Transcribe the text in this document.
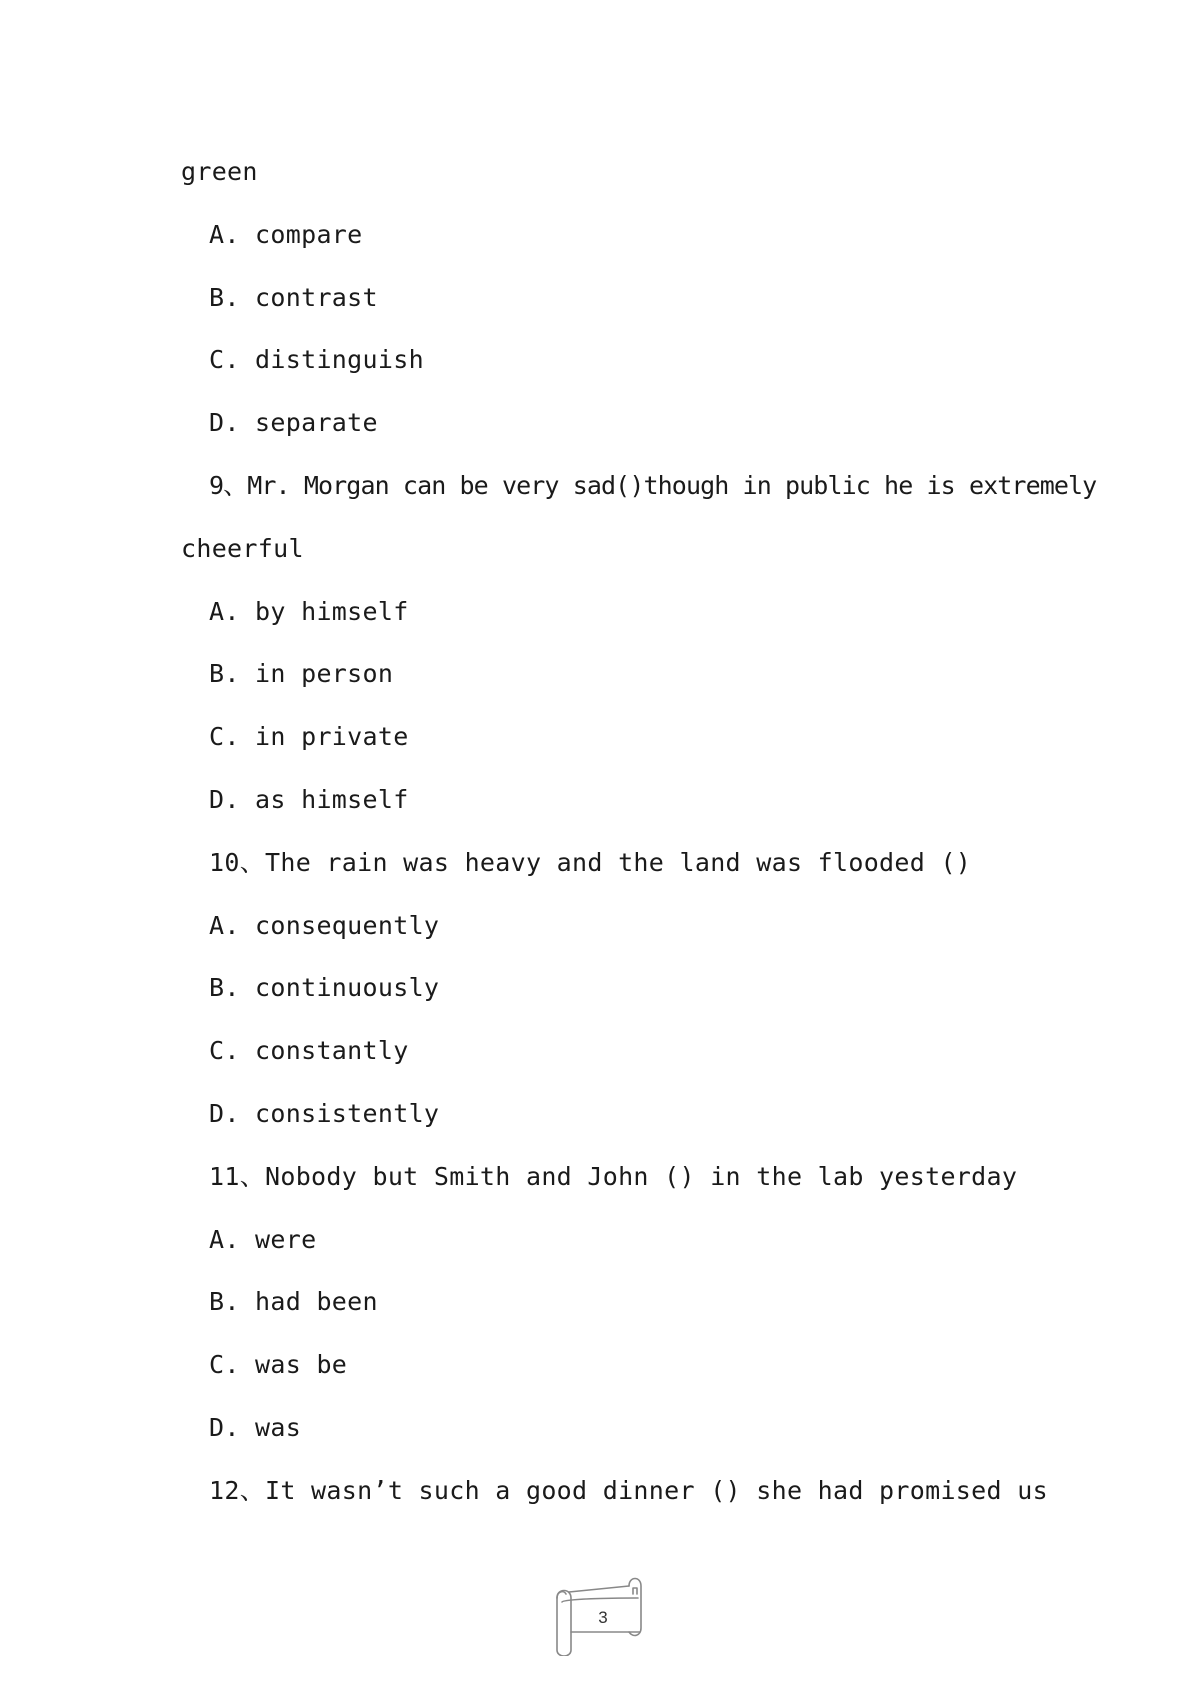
green
A. compare
B. contrast
C. distinguish
D. separate
9、Mr. Morgan can be very sad()though in public he is extremely
cheerful
A. by himself
B. in person
C. in private
D. as himself
10、The rain was heavy and the land was flooded ()
A. consequently
B. continuously
C. constantly
D. consistently
11、Nobody but Smith and John () in the lab yesterday
A. were
B. had been
C. was be
D. was
12、It wasn’t such a good dinner () she had promised us
3
